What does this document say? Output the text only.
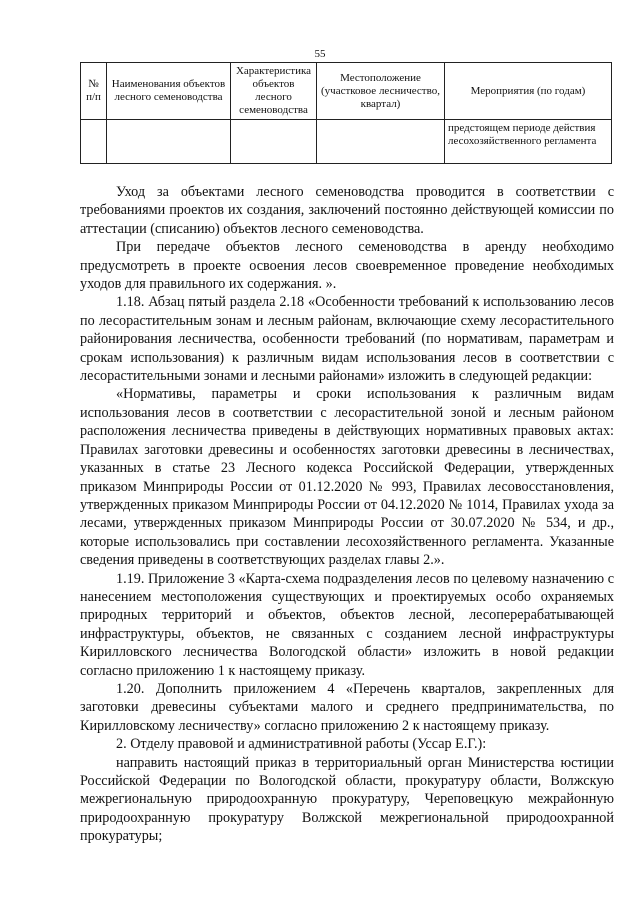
55
№ п/п	Наименования объектов лесного семеноводства	Характеристика объектов лесного семеноводства	Местоположение (участковое лесничество, квартал)	Мероприятия (по годам)
				предстоящем периоде действия лесохозяйственного регламента

Уход за объектами лесного семеноводства проводится в соответствии с требованиями проектов их создания, заключений постоянно действующей комиссии по аттестации (списанию) объектов лесного семеноводства.

При передаче объектов лесного семеноводства в аренду необходимо предусмотреть в проекте освоения лесов своевременное проведение необходимых уходов для правильного их содержания. ».

1.18. Абзац пятый раздела 2.18 «Особенности требований к использованию лесов по лесорастительным зонам и лесным районам, включающие схему лесорастительного районирования лесничества, особенности требований (по нормативам, параметрам и срокам использования) к различным видам использования лесов в соответствии с лесорастительными зонами и лесными районами» изложить в следующей редакции:

«Нормативы, параметры и сроки использования к различным видам использования лесов в соответствии с лесорастительной зоной и лесным районом расположения лесничества приведены в действующих нормативных правовых актах: Правилах заготовки древесины и особенностях заготовки древесины в лесничествах, указанных в статье 23 Лесного кодекса Российской Федерации, утвержденных приказом Минприроды России от 01.12.2020 № 993, Правилах лесовосстановления, утвержденных приказом Минприроды России от 04.12.2020 № 1014, Правилах ухода за лесами, утвержденных приказом Минприроды России от 30.07.2020 № 534, и др., которые использовались при составлении лесохозяйственного регламента. Указанные сведения приведены в соответствующих разделах главы 2.».

1.19. Приложение 3 «Карта-схема подразделения лесов по целевому назначению с нанесением местоположения существующих и проектируемых особо охраняемых природных территорий и объектов, объектов лесной, лесоперерабатывающей инфраструктуры, объектов, не связанных с созданием лесной инфраструктуры Кирилловского лесничества Вологодской области» изложить в новой редакции согласно приложению 1 к настоящему приказу.

1.20. Дополнить приложением 4 «Перечень кварталов, закрепленных для заготовки древесины субъектами малого и среднего предпринимательства, по Кирилловскому лесничеству» согласно приложению 2 к настоящему приказу.

2. Отделу правовой и административной работы (Уссар Е.Г.):

направить настоящий приказ в территориальный орган Министерства юстиции Российской Федерации по Вологодской области, прокуратуру области, Волжскую межрегиональную природоохранную прокуратуру, Череповецкую межрайонную природоохранную прокуратуру Волжской межрегиональной природоохранной прокуратуры;
